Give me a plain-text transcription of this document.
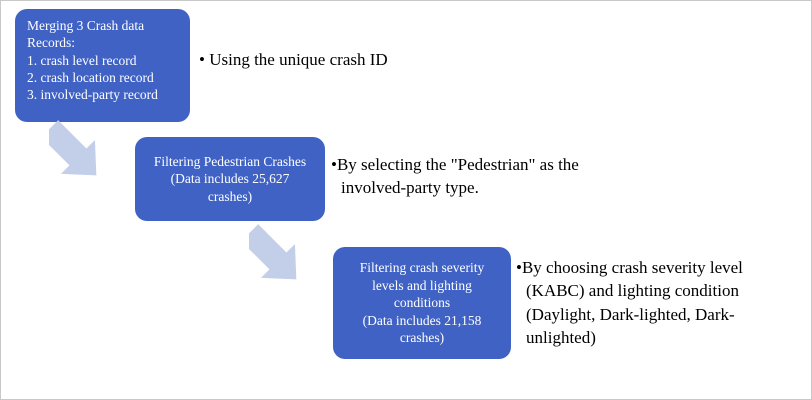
Merging 3 Crash data
Records:
1. crash level record
2. crash location record
3. involved-party record
• Using the unique crash ID
Filtering Pedestrian Crashes
(Data includes 25,627
crashes)
•By selecting the "Pedestrian" as the
involved-party type.
Filtering crash severity
levels and lighting
conditions
(Data includes 21,158
crashes)
•By choosing crash severity level
(KABC) and lighting condition
(Daylight, Dark-lighted, Dark-
unlighted)
